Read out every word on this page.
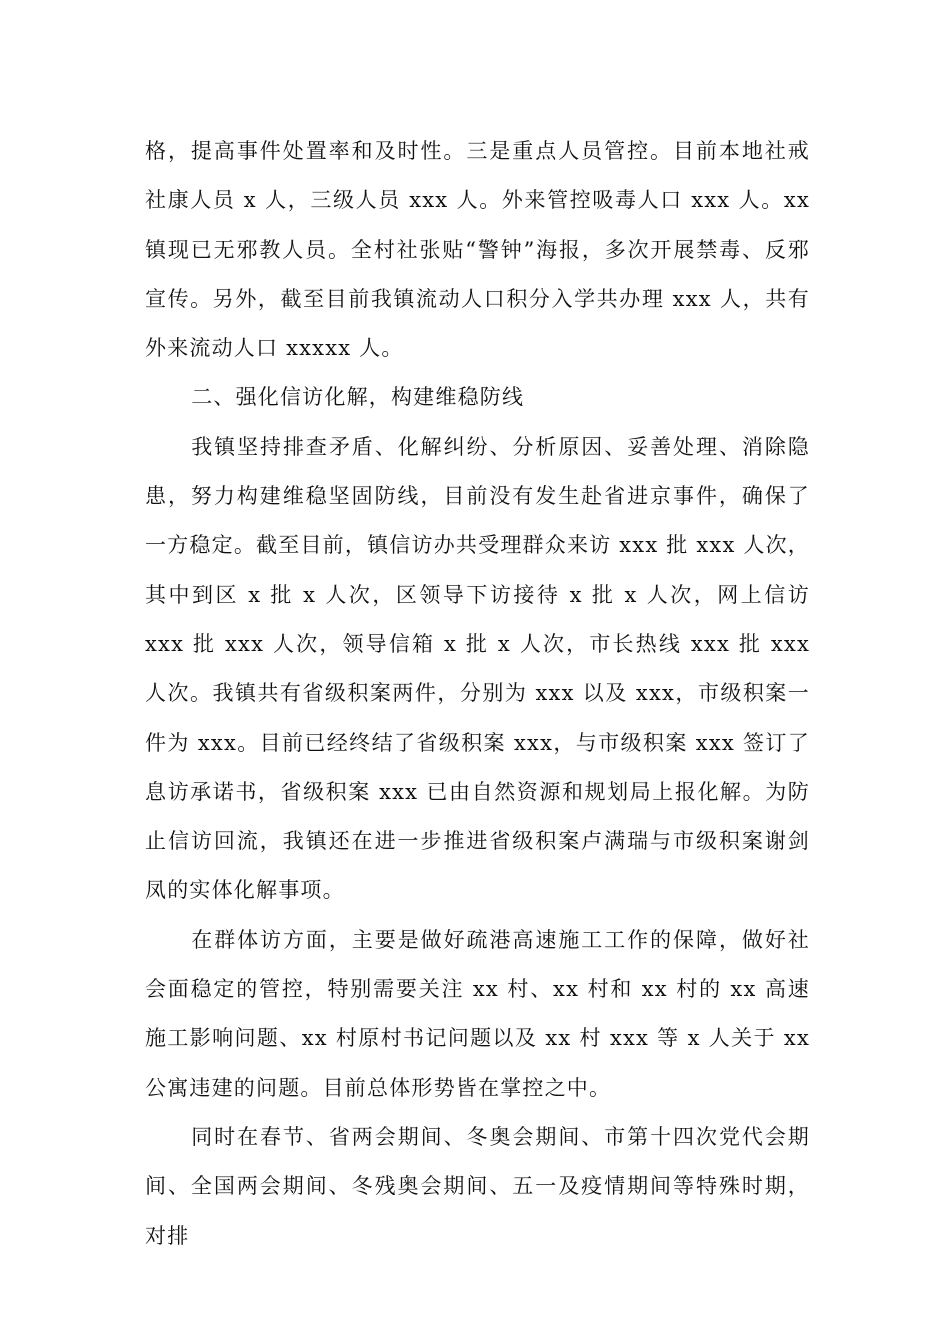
格，提高事件处置率和及时性。三是重点人员管控。目前本地社戒社康人员 x 人，三级人员 xxx 人。外来管控吸毒人口 xxx 人。xx 镇现已无邪教人员。全村社张贴“警钟”海报，多次开展禁毒、反邪宣传。另外，截至目前我镇流动人口积分入学共办理 xxx 人，共有外来流动人口 xxxxx 人。

二、强化信访化解，构建维稳防线

我镇坚持排查矛盾、化解纠纷、分析原因、妥善处理、消除隐患，努力构建维稳坚固防线，目前没有发生赴省进京事件，确保了一方稳定。截至目前，镇信访办共受理群众来访 xxx 批 xxx 人次，其中到区 x 批 x 人次，区领导下访接待 x 批 x 人次，网上信访 xxx 批 xxx 人次，领导信箱 x 批 x 人次，市长热线 xxx 批 xxx 人次。我镇共有省级积案两件，分别为 xxx 以及 xxx，市级积案一件为 xxx。目前已经终结了省级积案 xxx，与市级积案 xxx 签订了息访承诺书，省级积案 xxx 已由自然资源和规划局上报化解。为防止信访回流，我镇还在进一步推进省级积案卢满瑞与市级积案谢剑凤的实体化解事项。

在群体访方面，主要是做好疏港高速施工工作的保障，做好社会面稳定的管控，特别需要关注 xx 村、xx 村和 xx 村的 xx 高速施工影响问题、xx 村原村书记问题以及 xx 村 xxx 等 x 人关于 xx 公寓违建的问题。目前总体形势皆在掌控之中。

同时在春节、省两会期间、冬奥会期间、市第十四次党代会期间、全国两会期间、冬残奥会期间、五一及疫情期间等特殊时期，对排
